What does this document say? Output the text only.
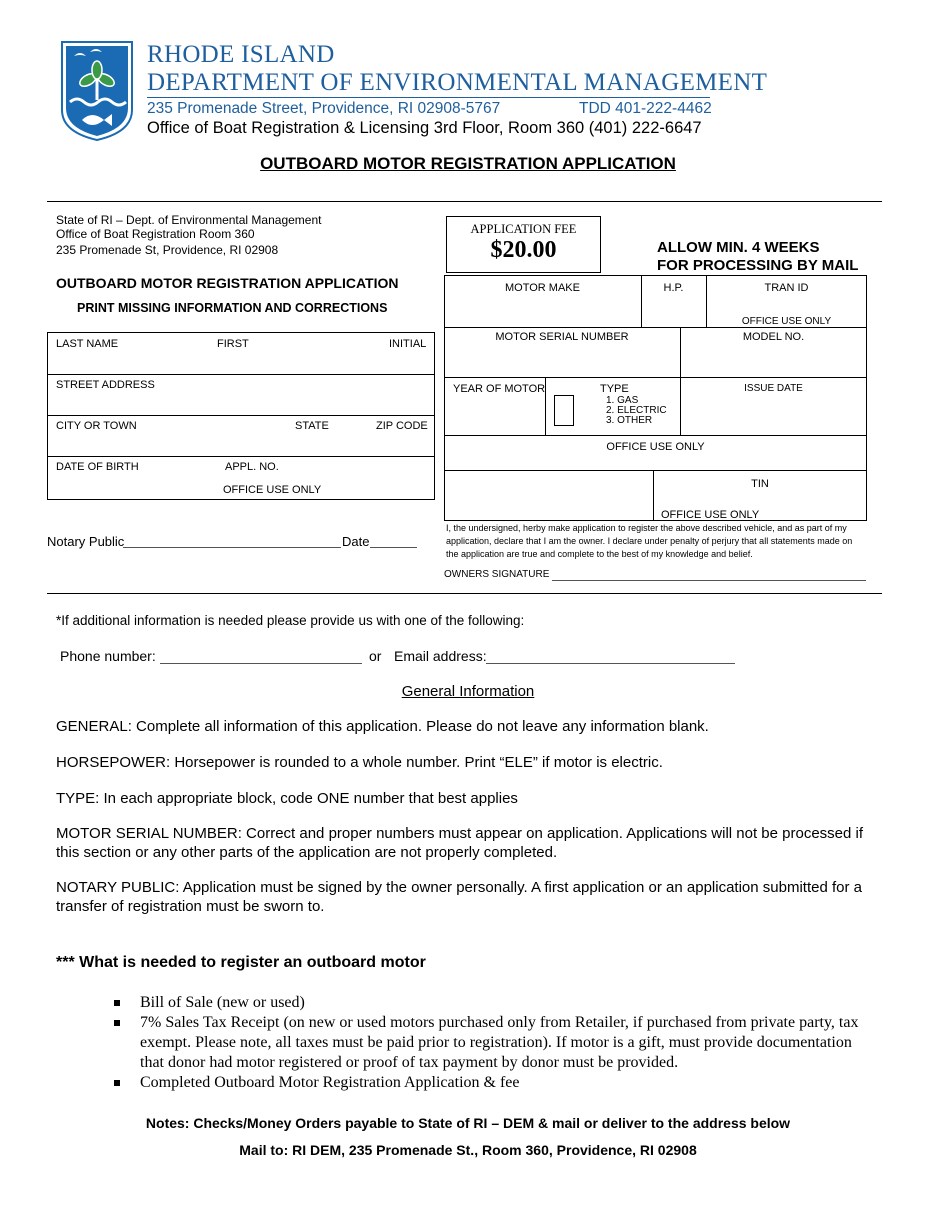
RHODE ISLAND
DEPARTMENT OF ENVIRONMENTAL MANAGEMENT
235 Promenade Street, Providence, RI 02908-5767	TDD 401-222-4462
Office of Boat Registration & Licensing 3rd Floor, Room 360 (401) 222-6647
OUTBOARD MOTOR REGISTRATION APPLICATION
State of RI – Dept. of Environmental Management
Office of Boat Registration Room 360
235 Promenade St, Providence, RI 02908
OUTBOARD MOTOR REGISTRATION APPLICATION
PRINT MISSING INFORMATION AND CORRECTIONS
LAST NAME	FIRST	INITIAL
STREET ADDRESS
CITY OR TOWN	STATE	ZIP CODE
DATE OF BIRTH	APPL. NO.
OFFICE USE ONLY
Notary Public	Date
APPLICATION FEE
$20.00	ALLOW MIN. 4 WEEKS
FOR PROCESSING BY MAIL
MOTOR MAKE	H.P.	TRAN ID
OFFICE USE ONLY
MOTOR SERIAL NUMBER	MODEL NO.
YEAR OF MOTOR	TYPE
1. GAS
2. ELECTRIC
3. OTHER
ISSUE DATE
OFFICE USE ONLY
TIN
OFFICE USE ONLY
I, the undersigned, herby make application to register the above described vehicle, and as part of my application, declare that I am the owner. I declare under penalty of perjury that all statements made on the application are true and complete to the best of my knowledge and belief.
OWNERS SIGNATURE
*If additional information is needed please provide us with one of the following:
Phone number:	or Email address:
General Information
GENERAL: Complete all information of this application. Please do not leave any information blank.
HORSEPOWER: Horsepower is rounded to a whole number. Print “ELE” if motor is electric.
TYPE: In each appropriate block, code ONE number that best applies
MOTOR SERIAL NUMBER: Correct and proper numbers must appear on application. Applications will not be processed if this section or any other parts of the application are not properly completed.
NOTARY PUBLIC: Application must be signed by the owner personally. A first application or an application submitted for a transfer of registration must be sworn to.
*** What is needed to register an outboard motor
Bill of Sale (new or used)
7% Sales Tax Receipt (on new or used motors purchased only from Retailer, if purchased from private party, tax exempt. Please note, all taxes must be paid prior to registration). If motor is a gift, must provide documentation that donor had motor registered or proof of tax payment by donor must be provided.
Completed Outboard Motor Registration Application & fee
Notes: Checks/Money Orders payable to State of RI – DEM & mail or deliver to the address below
Mail to: RI DEM, 235 Promenade St., Room 360, Providence, RI 02908
